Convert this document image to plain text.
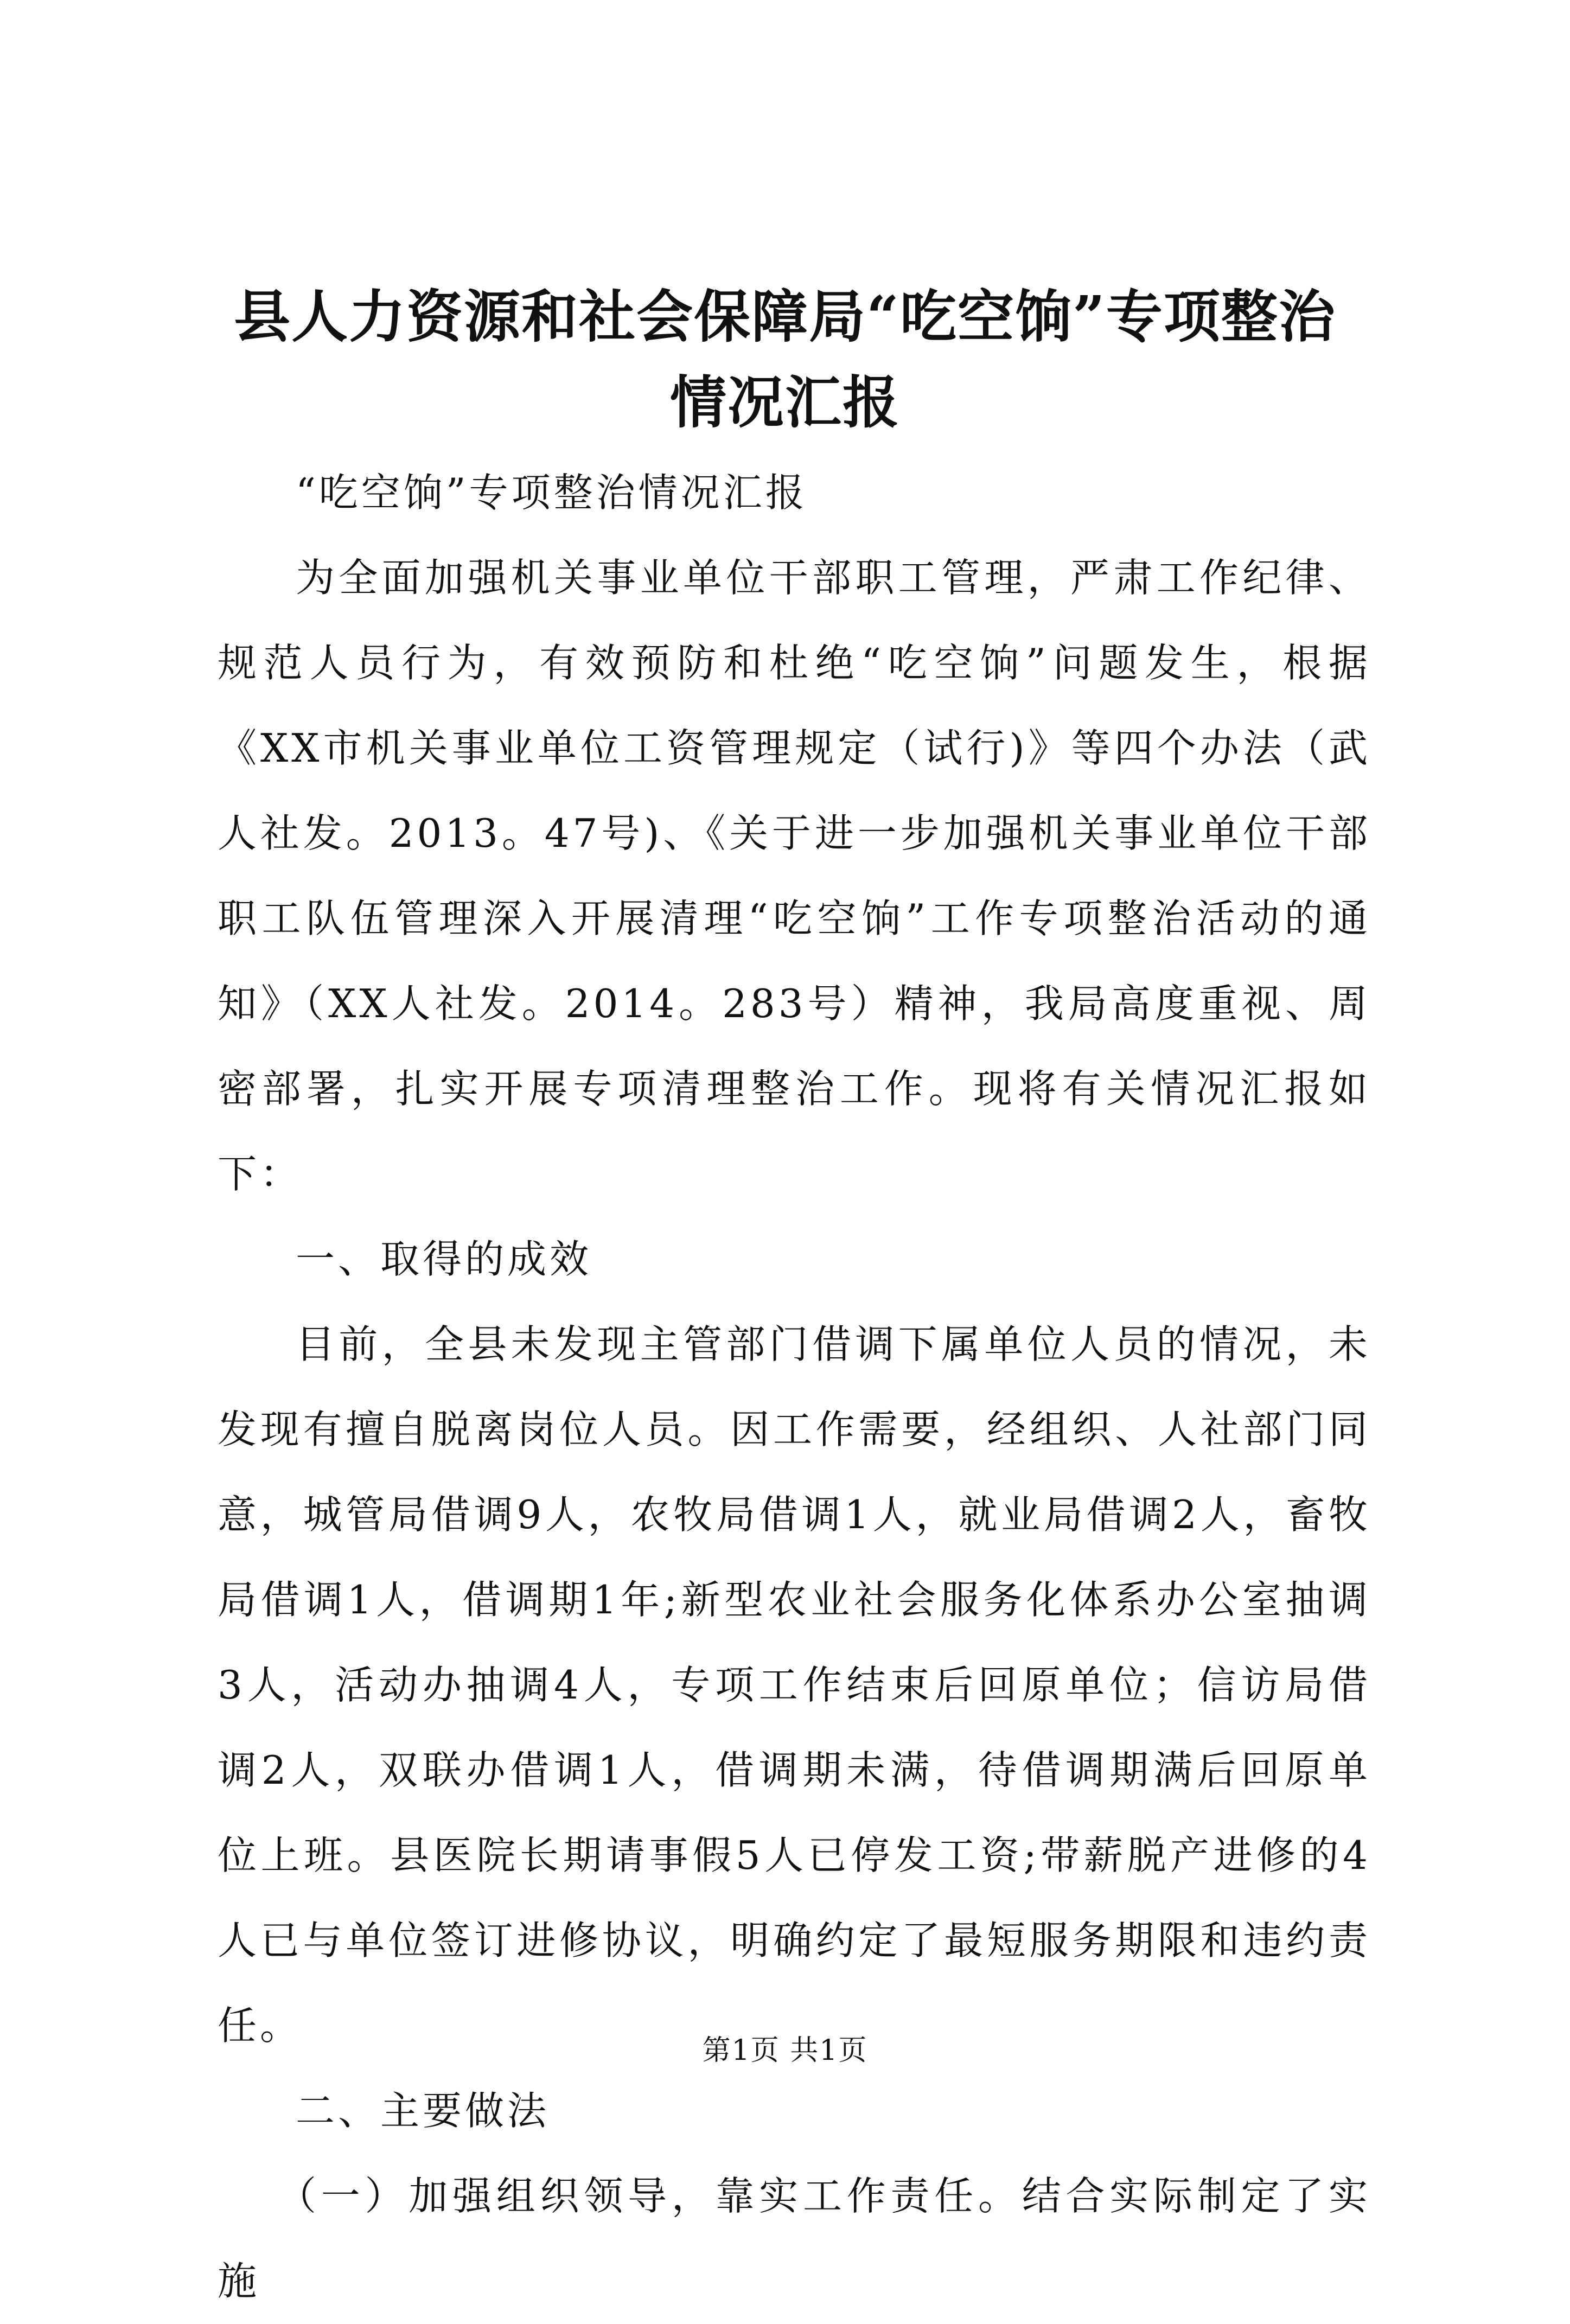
县人力资源和社会保障局“吃空饷”专项整治
情况汇报

“吃空饷”专项整治情况汇报

为全面加强机关事业单位干部职工管理，严肃工作纪律、规范人员行为，有效预防和杜绝“吃空饷”问题发生，根据《XX市机关事业单位工资管理规定（试行)》等四个办法（武人社发。2013。47号)、《关于进一步加强机关事业单位干部职工队伍管理深入开展清理“吃空饷”工作专项整治活动的通知》（XX人社发。2014。283号）精神，我局高度重视、周密部署，扎实开展专项清理整治工作。现将有关情况汇报如下：

一、取得的成效

目前，全县未发现主管部门借调下属单位人员的情况，未发现有擅自脱离岗位人员。因工作需要，经组织、人社部门同意，城管局借调9人，农牧局借调1人，就业局借调2人，畜牧局借调1人，借调期1年;新型农业社会服务化体系办公室抽调3人，活动办抽调4人，专项工作结束后回原单位；信访局借调2人，双联办借调1人，借调期未满，待借调期满后回原单位上班。县医院长期请事假5人已停发工资;带薪脱产进修的4人已与单位签订进修协议，明确约定了最短服务期限和违约责任。

二、主要做法

（一）加强组织领导，靠实工作责任。结合实际制定了实施

第1页 共1页
